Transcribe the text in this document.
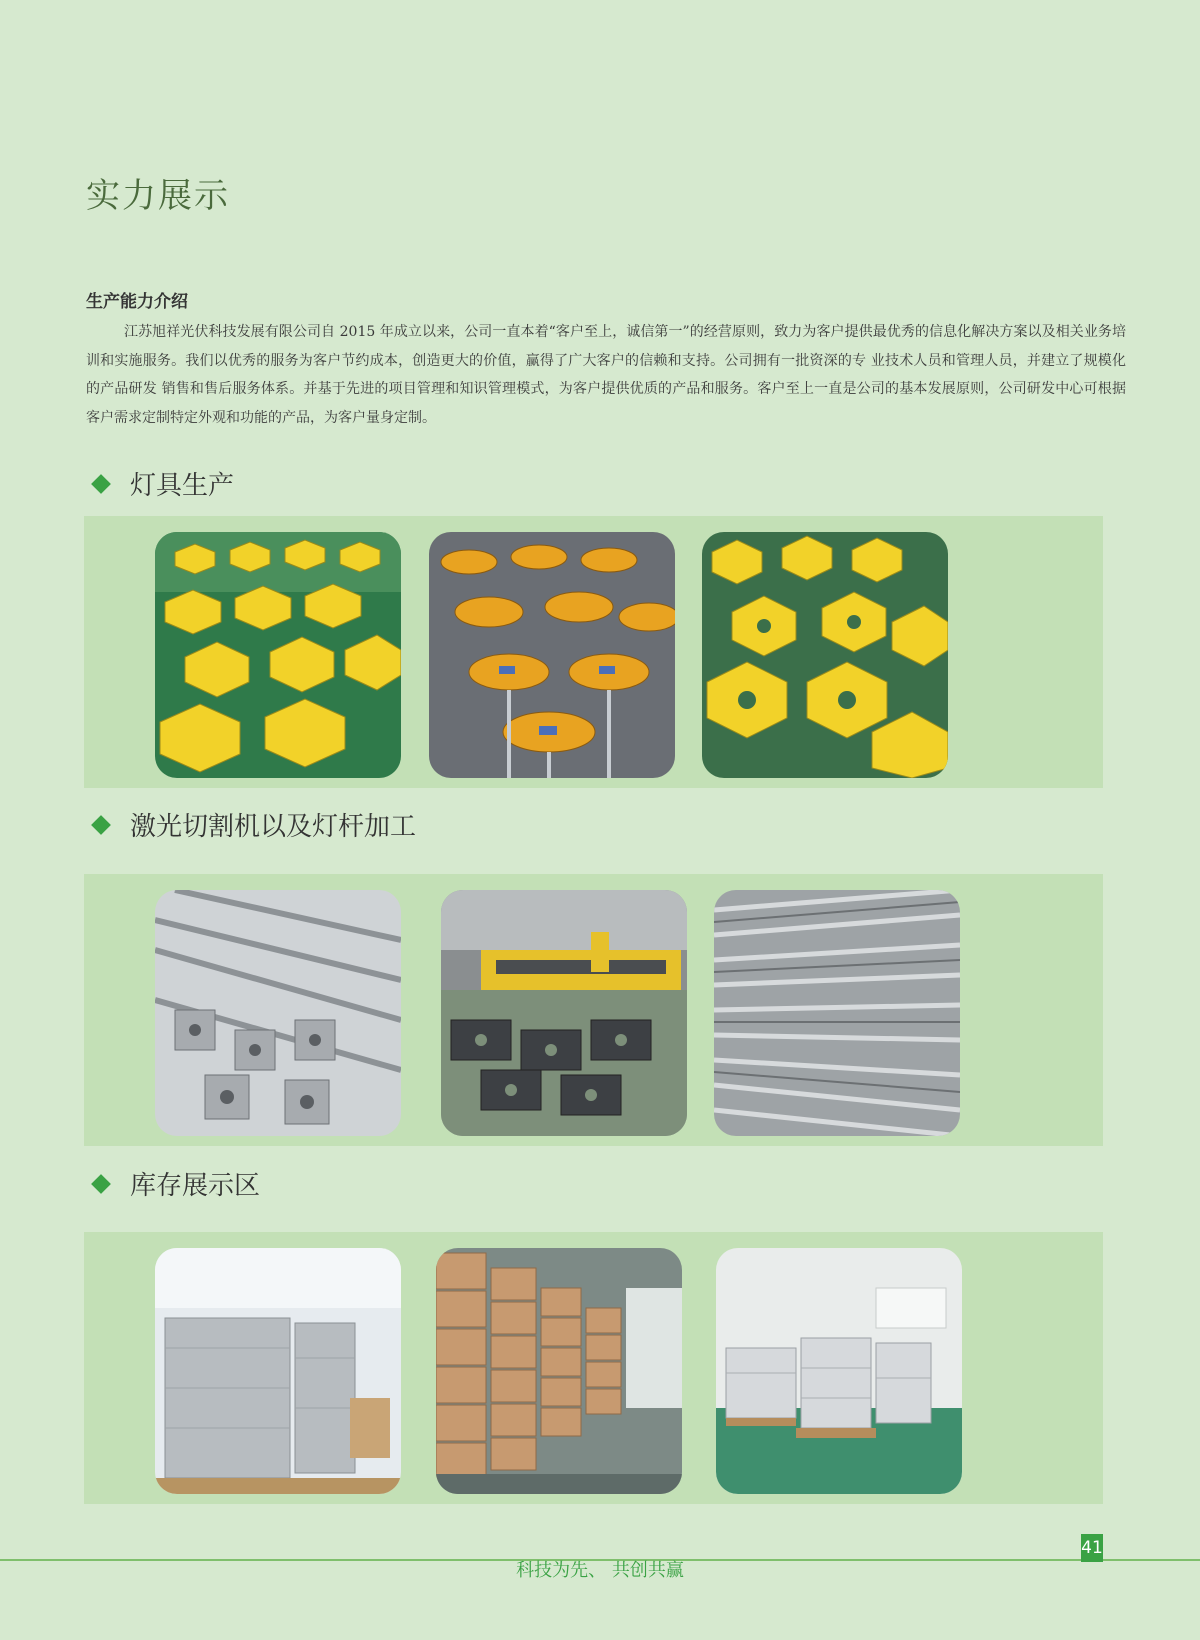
实力展示
生产能力介绍
江苏旭祥光伏科技发展有限公司自 2015 年成立以来，公司一直本着“客户至上，诚信第一”的经营原则，致力为客户提供最优秀的信息化解决方案以及相关业务培训和实施服务。我们以优秀的服务为客户节约成本，创造更大的价值，赢得了广大客户的信赖和支持。公司拥有一批资深的专 业技术人员和管理人员，并建立了规模化的产品研发 销售和售后服务体系。并基于先进的项目管理和知识管理模式，为客户提供优质的产品和服务。客户至上一直是公司的基本发展原则，公司研发中心可根据客户需求定制特定外观和功能的产品，为客户量身定制。
灯具生产
激光切割机以及灯杆加工
库存展示区
41
科技为先、 共创共赢
